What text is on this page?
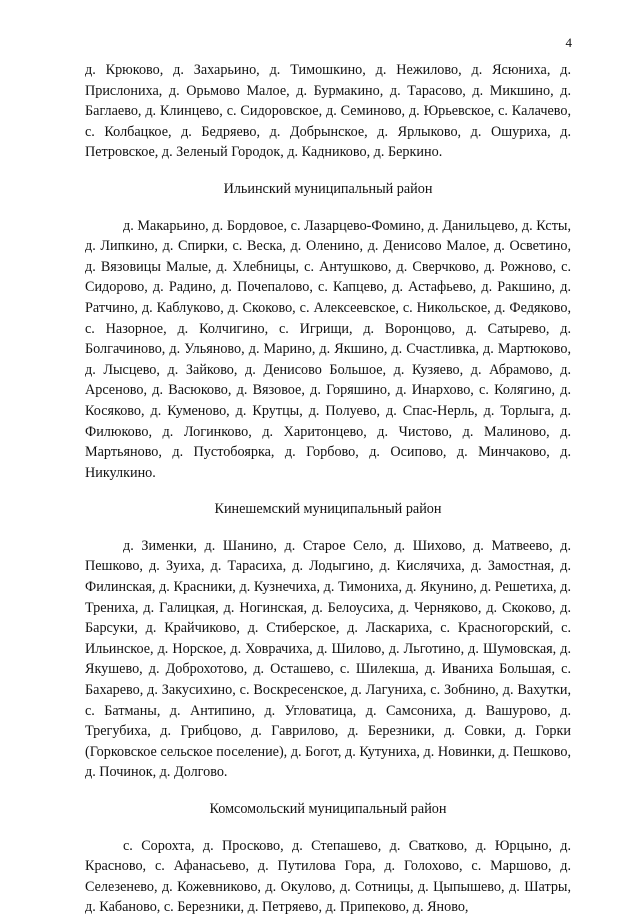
4

д. Крюково, д. Захарьино, д. Тимошкино, д. Нежилово, д. Ясюниха, д. Прислониха, д. Орьмово Малое, д. Бурмакино, д. Тарасово, д. Микшино, д. Баглаево, д. Клинцево, с. Сидоровское, д. Семиново, д. Юрьевское, с. Калачево, с. Колбацкое, д. Бедряево, д. Добрынское, д. Ярлыково, д. Ошуриха, д. Петровское, д. Зеленый Городок, д. Кадниково, д. Беркино.

Ильинский муниципальный район

д. Макарьино, д. Бордовое, с. Лазарцево-Фомино, д. Данильцево, д. Ксты, д. Липкино, д. Спирки, с. Веска, д. Оленино, д. Денисово Малое, д. Осветино, д. Вязовицы Малые, д. Хлебницы, с. Антушково, д. Сверчково, д. Рожново, с. Сидорово, д. Радино, д. Почепалово, с. Капцево, д. Астафьево, д. Ракшино, д. Ратчино, д. Каблуково, д. Скоково, с. Алексеевское, с. Никольское, д. Федяково, с. Назорное, д. Колчигино, с. Игрищи, д. Воронцово, д. Сатырево, д. Болгачиново, д. Ульяново, д. Марино, д. Якшино, д. Счастливка, д. Мартюково, д. Лысцево, д. Зайково, д. Денисово Большое, д. Кузяево, д. Абрамово, д. Арсеново, д. Васюково, д. Вязовое, д. Горяшино, д. Инархово, с. Колягино, д. Косяково, д. Куменово, д. Крутцы, д. Полуево, д. Спас-Нерль, д. Торлыга, д. Филюково, д. Логинково, д. Харитонцево, д. Чистово, д. Малиново, д. Мартьяново, д. Пустобоярка, д. Горбово, д. Осипово, д. Минчаково, д. Никулкино.

Кинешемский муниципальный район

д. Зименки, д. Шанино, д. Старое Село, д. Шихово, д. Матвеево, д. Пешково, д. Зуиха, д. Тарасиха, д. Лодыгино, д. Кислячиха, д. Замостная, д. Филинская, д. Красники, д. Кузнечиха, д. Тимониха, д. Якунино, д. Решетиха, д. Трениха, д. Галицкая, д. Ногинская, д. Белоусиха, д. Черняково, д. Скоково, д. Барсуки, д. Крайчиково, д. Стиберское, д. Ласкариха, с. Красногорский, с. Ильинское, д. Норское, д. Ховрачиха, д. Шилово, д. Льготино, д. Шумовская, д. Якушево, д. Доброхотово, д. Осташево, с. Шилекша, д. Иваниха Большая, с. Бахарево, д. Закусихино, с. Воскресенское, д. Лагуниха, с. Зобнино, д. Вахутки, с. Батманы, д. Антипино, д. Угловатица, д. Самсониха, д. Вашурово, д. Трегубиха, д. Грибцово, д. Гаврилово, д. Березники, д. Совки, д. Горки (Горковское сельское поселение), д. Богот, д. Кутуниха, д. Новинки, д. Пешково, д. Починок, д. Долгово.

Комсомольский муниципальный район

с. Сорохта, д. Просково, д. Степашево, д. Сватково, д. Юрцыно, д. Красново, с. Афанасьево, д. Путилова Гора, д. Голохово, с. Маршово, д. Селезенево, д. Кожевниково, д. Окулово, д. Сотницы, д. Цыпышево, д. Шатры, д. Кабаново, с. Березники, д. Петряево, д. Припеково, д. Яново,
